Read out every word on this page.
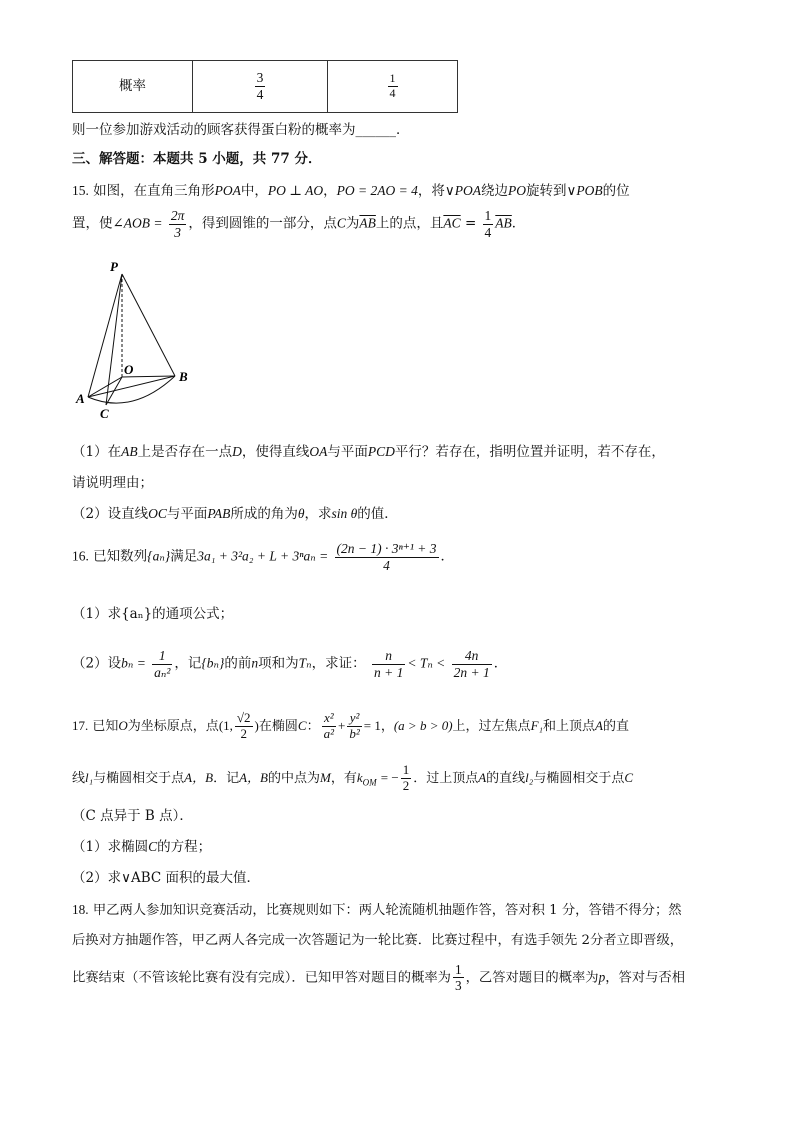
概率	$\frac{3}{4}$	$\frac{1}{4}$
则一位参加游戏活动的顾客获得蛋白粉的概率为______．
三、解答题：本题共 5 小题，共 77 分．
15. 如图，在直角三角形POA中，PO ⊥ AO，PO = 2AO = 4，将∨POA绕边PO旋转到∨POB的位
置，使∠AOB = $\frac{2\pi}{3}$ ，得到圆锥的一部分，点C为$\overline{AB}$上的点，且$\overline{AC} = \frac{1}{4} \overline{AB}$．
P
O
A
B
C
（1）在AB上是否存在一点D，使得直线OA与平面PCD平行？若存在，指明位置并证明，若不存在，
请说明理由；
（2）设直线OC与平面PAB所成的角为θ，求sin θ的值．
16. 已知数列{aₙ}满足$3a_1 + 3^2a_2 + L + 3^na_n = \frac{\text{(2n − 1) · 3ⁿ⁺¹ + 3}}{4}$ ．
（1）求{aₙ}的通项公式；
（2）设$b_n = \frac{1}{\text{aₙ²}}$ ，记{bₙ}的前n项和为Tₙ，求证： $\frac{n}{n + 1} < T_n < \frac{4n}{2n + 1}$ ．
17. 已知O为坐标原点，点(1, $\frac{√2}{2}$ )在椭圆C： $\frac{\text{x²}}{\text{a²}} + \frac{\text{y²}}{\text{b²}} = 1$，(a > b > 0)上，过左焦点F₁和上顶点A的直
线l₁与椭圆相交于点A，B．记A，B的中点为M，有$k_{OM}$ = − $\frac{1}{2}$ ．过上顶点A的直线l₂与椭圆相交于点C
（C 点异于 B 点）．
（1）求椭圆C的方程；
（2）求∨ABC 面积的最大值．
18. 甲乙两人参加知识竞赛活动，比赛规则如下：两人轮流随机抽题作答，答对积 1 分，答错不得分；然
后换对方抽题作答，甲乙两人各完成一次答题记为一轮比赛．比赛过程中，有选手领先 2分者立即晋级，
比赛结束（不管该轮比赛有没有完成）．已知甲答对题目的概率为 $\frac{1}{3}$ ，乙答对题目的概率为p，答对与否相
